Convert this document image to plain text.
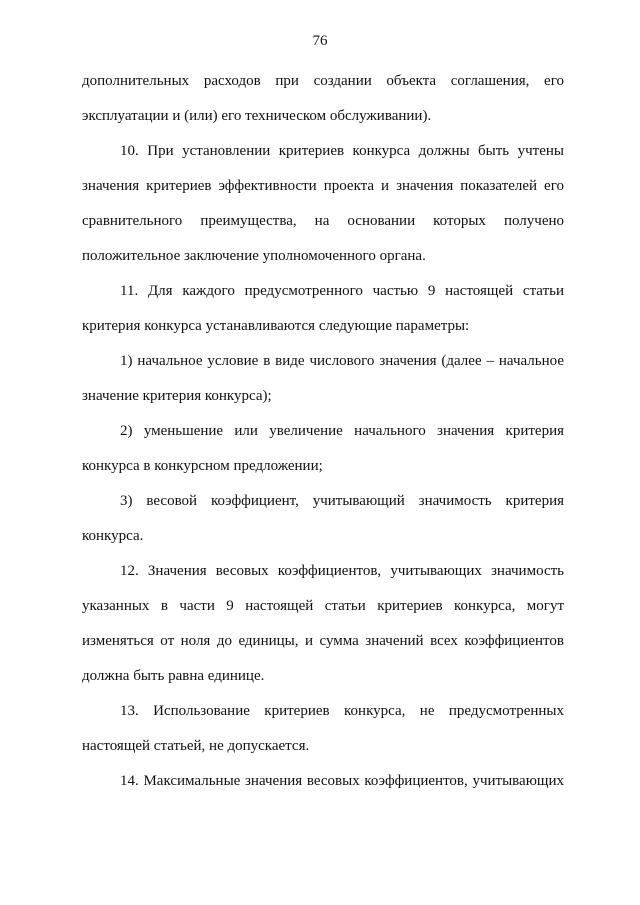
76
дополнительных расходов при создании объекта соглашения, его
эксплуатации и (или) его техническом обслуживании).
10. При установлении критериев конкурса должны быть учтены
значения критериев эффективности проекта и значения показателей его
сравнительного преимущества, на основании которых получено
положительное заключение уполномоченного органа.
11. Для каждого предусмотренного частью 9 настоящей статьи
критерия конкурса устанавливаются следующие параметры:
1) начальное условие в виде числового значения (далее – начальное
значение критерия конкурса);
2) уменьшение или увеличение начального значения критерия
конкурса в конкурсном предложении;
3) весовой коэффициент, учитывающий значимость критерия
конкурса.
12. Значения весовых коэффициентов, учитывающих значимость
указанных в части 9 настоящей статьи критериев конкурса, могут
изменяться от ноля до единицы, и сумма значений всех коэффициентов
должна быть равна единице.
13. Использование критериев конкурса, не предусмотренных
настоящей статьей, не допускается.
14. Максимальные значения весовых коэффициентов, учитывающих
